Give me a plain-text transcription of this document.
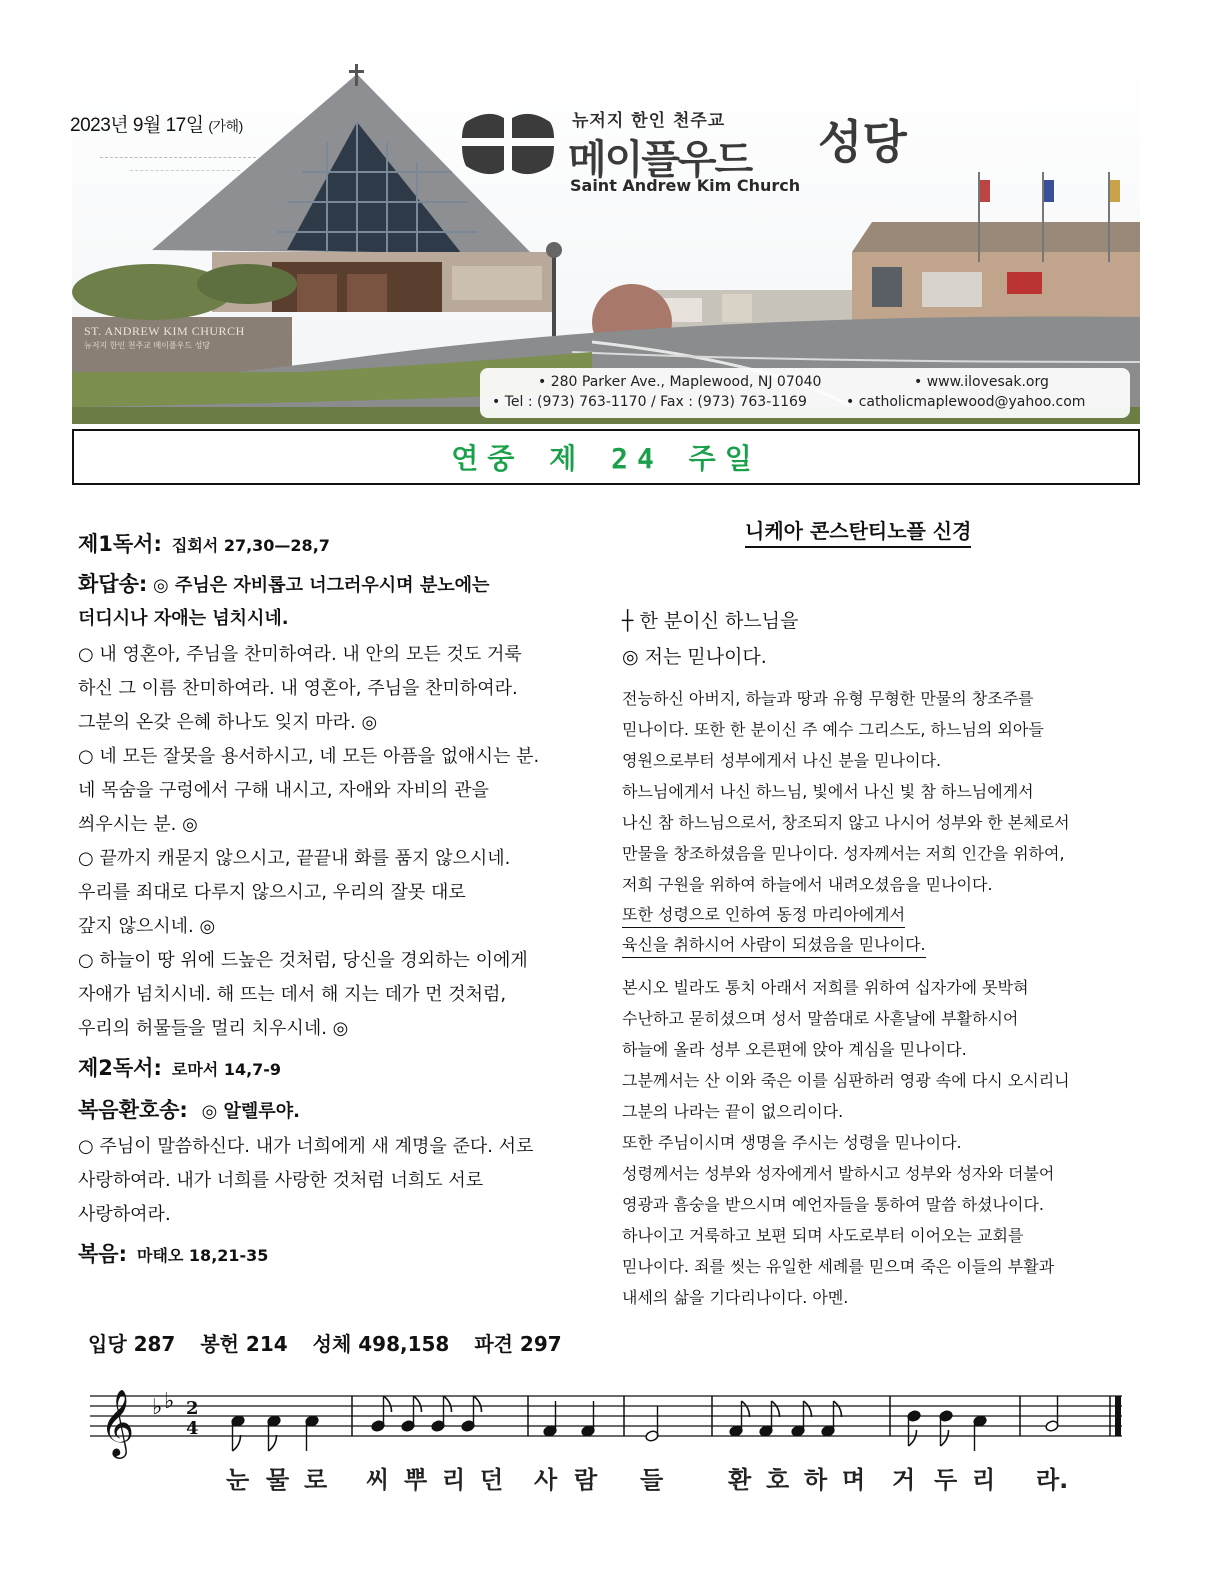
ST. ANDREW KIM CHURCH
뉴저지 한인 천주교 메이플우드 성당
2023년 9월 17일 (가해)	뉴저지 한인 천주교
메이플우드 성당
Saint Andrew Kim Church
• 280 Parker Ave., Maplewood, NJ 07040	• www.ilovesak.org
• Tel : (973) 763-1170 / Fax : (973) 763-1169	• catholicmaplewood@yahoo.com
연중 제 24 주일
제1독서: 집회서 27,30—28,7
화답송: ◎ 주님은 자비롭고 너그러우시며 분노에는
더디시나 자애는 넘치시네.
○ 내 영혼아, 주님을 찬미하여라. 내 안의 모든 것도 거룩
하신 그 이름 찬미하여라. 내 영혼아, 주님을 찬미하여라.
그분의 온갖 은혜 하나도 잊지 마라. ◎
○ 네 모든 잘못을 용서하시고, 네 모든 아픔을 없애시는 분.
네 목숨을 구렁에서 구해 내시고, 자애와 자비의 관을
씌우시는 분. ◎
○ 끝까지 캐묻지 않으시고, 끝끝내 화를 품지 않으시네.
우리를 죄대로 다루지 않으시고, 우리의 잘못 대로
갚지 않으시네. ◎
○ 하늘이 땅 위에 드높은 것처럼, 당신을 경외하는 이에게
자애가 넘치시네. 해 뜨는 데서 해 지는 데가 먼 것처럼,
우리의 허물들을 멀리 치우시네. ◎
제2독서: 로마서 14,7-9
복음환호송: ◎ 알렐루야.
○ 주님이 말씀하신다. 내가 너희에게 새 계명을 준다. 서로
사랑하여라. 내가 너희를 사랑한 것처럼 너희도 서로
사랑하여라.
복음: 마태오 18,21-35
니케아 콘스탄티노플 신경
┼ 한 분이신 하느님을
◎ 저는 믿나이다.
전능하신 아버지, 하늘과 땅과 유형 무형한 만물의 창조주를
믿나이다. 또한 한 분이신 주 예수 그리스도, 하느님의 외아들
영원으로부터 성부에게서 나신 분을 믿나이다.
하느님에게서 나신 하느님, 빛에서 나신 빛 참 하느님에게서
나신 참 하느님으로서, 창조되지 않고 나시어 성부와 한 본체로서
만물을 창조하셨음을 믿나이다. 성자께서는 저희 인간을 위하여,
저희 구원을 위하여 하늘에서 내려오셨음을 믿나이다.
또한 성령으로 인하여 동정 마리아에게서
육신을 취하시어 사람이 되셨음을 믿나이다.
본시오 빌라도 통치 아래서 저희를 위하여 십자가에 못박혀
수난하고 묻히셨으며 성서 말씀대로 사흗날에 부활하시어
하늘에 올라 성부 오른편에 앉아 계심을 믿나이다.
그분께서는 산 이와 죽은 이를 심판하러 영광 속에 다시 오시리니
그분의 나라는 끝이 없으리이다.
또한 주님이시며 생명을 주시는 성령을 믿나이다.
성령께서는 성부와 성자에게서 발하시고 성부와 성자와 더불어
영광과 흠숭을 받으시며 예언자들을 통하여 말씀 하셨나이다.
하나이고 거룩하고 보편 되며 사도로부터 이어오는 교회를
믿나이다. 죄를 씻는 유일한 세례를 믿으며 죽은 이들의 부활과
내세의 삶을 기다리나이다. 아멘.
입당 287 봉헌 214 성체 498,158 파견 297
𝄞 ♭ ♭ 2
4
눈 물 로 씨 뿌 리 던 사 람 들	환 호 하 며 거 두 리 라.
